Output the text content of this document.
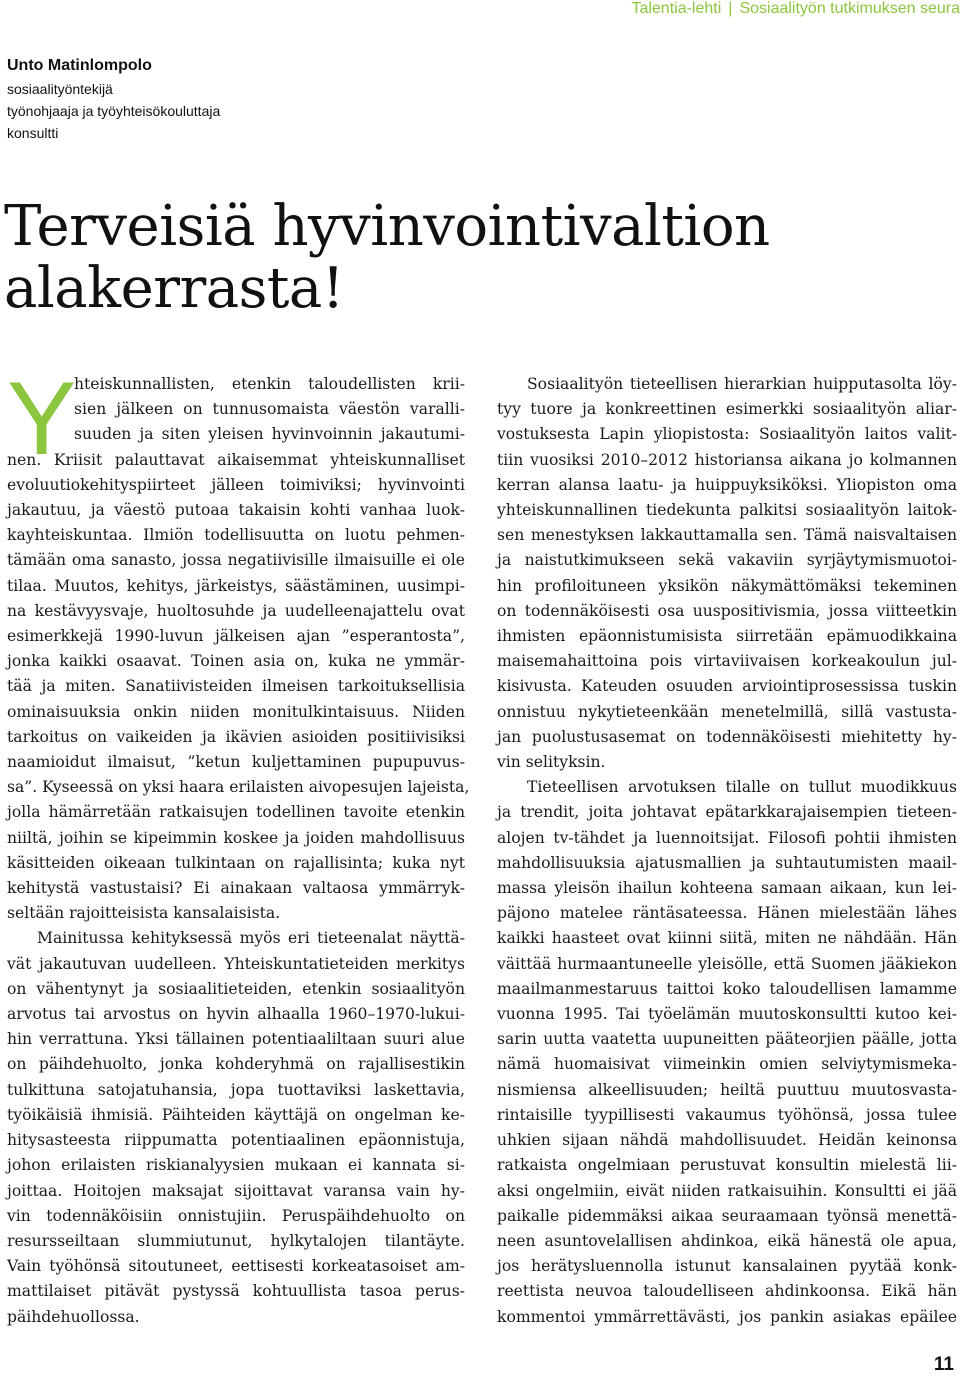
Talentia-lehti | Sosiaalityön tutkimuksen seura
Unto Matinlompolo
sosiaalityöntekijä
työnohjaaja ja työyhteisökouluttaja
konsultti
Terveisiä hyvinvointivaltion
alakerrasta!
Y
hteiskunnallisten, etenkin taloudellisten krii-
sien jälkeen on tunnusomaista väestön varalli-
suuden ja siten yleisen hyvinvoinnin jakautumi-
nen. Kriisit palauttavat aikaisemmat yhteiskunnalliset
evoluutiokehityspiirteet jälleen toimiviksi; hyvinvointi
jakautuu, ja väestö putoaa takaisin kohti vanhaa luok-
kayhteiskuntaa. Ilmiön todellisuutta on luotu pehmen-
tämään oma sanasto, jossa negatiivisille ilmaisuille ei ole
tilaa. Muutos, kehitys, järkeistys, säästäminen, uusimpi-
na kestävyysvaje, huoltosuhde ja uudelleenajattelu ovat
esimerkkejä 1990-luvun jälkeisen ajan ”esperantosta”,
jonka kaikki osaavat. Toinen asia on, kuka ne ymmär-
tää ja miten. Sanatiivisteiden ilmeisen tarkoituksellisia
ominaisuuksia onkin niiden monitulkintaisuus. Niiden
tarkoitus on vaikeiden ja ikävien asioiden positiivisiksi
naamioidut ilmaisut, ”ketun kuljettaminen pupupuvus-
sa”. Kyseessä on yksi haara erilaisten aivopesujen lajeista,
jolla hämärretään ratkaisujen todellinen tavoite etenkin
niiltä, joihin se kipeimmin koskee ja joiden mahdollisuus
käsitteiden oikeaan tulkintaan on rajallisinta; kuka nyt
kehitystä vastustaisi? Ei ainakaan valtaosa ymmärryk-
seltään rajoitteisista kansalaisista.
Mainitussa kehityksessä myös eri tieteenalat näyttä-
vät jakautuvan uudelleen. Yhteiskuntatieteiden merkitys
on vähentynyt ja sosiaalitieteiden, etenkin sosiaalityön
arvotus tai arvostus on hyvin alhaalla 1960–1970-lukui-
hin verrattuna. Yksi tällainen potentiaaliltaan suuri alue
on päihdehuolto, jonka kohderyhmä on rajallisestikin
tulkittuna satojatuhansia, jopa tuottaviksi laskettavia,
työikäisiä ihmisiä. Päihteiden käyttäjä on ongelman ke-
hitysasteesta riippumatta potentiaalinen epäonnistuja,
johon erilaisten riskianalyysien mukaan ei kannata si-
joittaa. Hoitojen maksajat sijoittavat varansa vain hy-
vin todennäköisiin onnistujiin. Peruspäihdehuolto on
resursseiltaan slummiutunut, hylkytalojen tilantäyte.
Vain työhönsä sitoutuneet, eettisesti korkeatasoiset am-
mattilaiset pitävät pystyssä kohtuullista tasoa perus-
päihdehuollossa.
Sosiaalityön tieteellisen hierarkian huipputasolta löy-
tyy tuore ja konkreettinen esimerkki sosiaalityön aliar-
vostuksesta Lapin yliopistosta: Sosiaalityön laitos valit-
tiin vuosiksi 2010–2012 historiansa aikana jo kolmannen
kerran alansa laatu- ja huippuyksiköksi. Yliopiston oma
yhteiskunnallinen tiedekunta palkitsi sosiaalityön laitok-
sen menestyksen lakkauttamalla sen. Tämä naisvaltaisen
ja naistutkimukseen sekä vakaviin syrjäytymismuotoi-
hin profiloituneen yksikön näkymättömäksi tekeminen
on todennäköisesti osa uuspositivismia, jossa viitteetkin
ihmisten epäonnistumisista siirretään epämuodikkaina
maisemahaittoina pois virtaviivaisen korkeakoulun jul-
kisivusta. Kateuden osuuden arviointiprosessissa tuskin
onnistuu nykytieteenkään menetelmillä, sillä vastusta-
jan puolustusasemat on todennäköisesti miehitetty hy-
vin selityksin.
Tieteellisen arvotuksen tilalle on tullut muodikkuus
ja trendit, joita johtavat epätarkkarajaisempien tieteen-
alojen tv-tähdet ja luennoitsijat. Filosofi pohtii ihmisten
mahdollisuuksia ajatusmallien ja suhtautumisten maail-
massa yleisön ihailun kohteena samaan aikaan, kun lei-
päjono matelee räntäsateessa. Hänen mielestään lähes
kaikki haasteet ovat kiinni siitä, miten ne nähdään. Hän
väittää hurmaantuneelle yleisölle, että Suomen jääkiekon
maailmanmestaruus taittoi koko taloudellisen lamamme
vuonna 1995. Tai työelämän muutoskonsultti kutoo kei-
sarin uutta vaatetta uupuneitten pääteorjien päälle, jotta
nämä huomaisivat viimeinkin omien selviytymismeka-
nismiensa alkeellisuuden; heiltä puuttuu muutosvasta-
rintaisille tyypillisesti vakaumus työhönsä, jossa tulee
uhkien sijaan nähdä mahdollisuudet. Heidän keinonsa
ratkaista ongelmiaan perustuvat konsultin mielestä lii-
aksi ongelmiin, eivät niiden ratkaisuihin. Konsultti ei jää
paikalle pidemmäksi aikaa seuraamaan työnsä menettä-
neen asuntovelallisen ahdinkoa, eikä hänestä ole apua,
jos herätysluennolla istunut kansalainen pyytää konk-
reettista neuvoa taloudelliseen ahdinkoonsa. Eikä hän
kommentoi ymmärrettävästi, jos pankin asiakas epäilee
11
